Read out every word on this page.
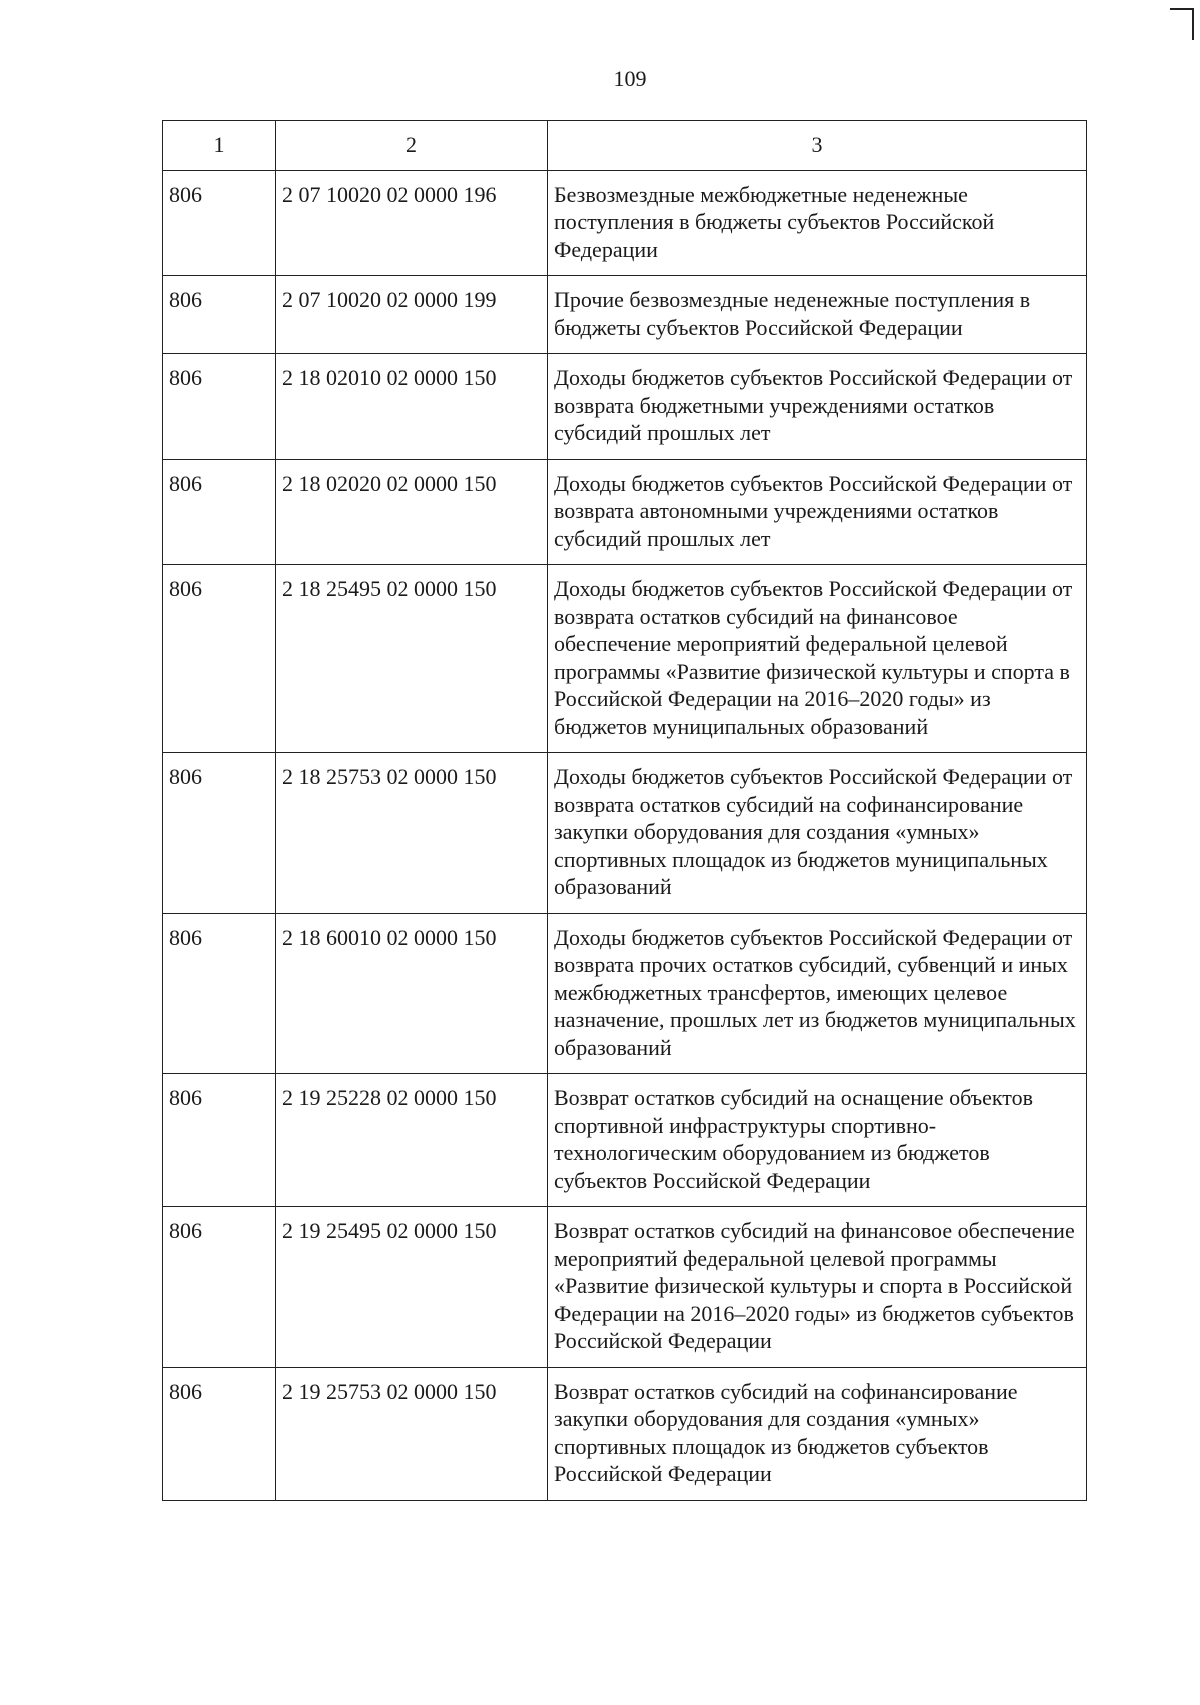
109
1	2	3
806	2 07 10020 02 0000 196	Безвозмездные межбюджетные неденежные поступления в бюджеты субъектов Российской Федерации
806	2 07 10020 02 0000 199	Прочие безвозмездные неденежные поступления в бюджеты субъектов Российской Федерации
806	2 18 02010 02 0000 150	Доходы бюджетов субъектов Российской Федерации от возврата бюджетными учреждениями остатков субсидий прошлых лет
806	2 18 02020 02 0000 150	Доходы бюджетов субъектов Российской Федерации от возврата автономными учреждениями остатков субсидий прошлых лет
806	2 18 25495 02 0000 150	Доходы бюджетов субъектов Российской Федерации от возврата остатков субсидий на финансовое обеспечение мероприятий федеральной целевой программы «Развитие физической культуры и спорта в Российской Федерации на 2016–2020 годы» из бюджетов муниципальных образований
806	2 18 25753 02 0000 150	Доходы бюджетов субъектов Российской Федерации от возврата остатков субсидий на софинансирование закупки оборудования для создания «умных» спортивных площадок из бюджетов муниципальных образований
806	2 18 60010 02 0000 150	Доходы бюджетов субъектов Российской Федерации от возврата прочих остатков субсидий, субвенций и иных межбюджетных трансфертов, имеющих целевое назначение, прошлых лет из бюджетов муниципальных образований
806	2 19 25228 02 0000 150	Возврат остатков субсидий на оснащение объектов спортивной инфраструктуры спортивно-технологическим оборудованием из бюджетов субъектов Российской Федерации
806	2 19 25495 02 0000 150	Возврат остатков субсидий на финансовое обеспечение мероприятий федеральной целевой программы «Развитие физической культуры и спорта в Российской Федерации на 2016–2020 годы» из бюджетов субъектов Российской Федерации
806	2 19 25753 02 0000 150	Возврат остатков субсидий на софинансирование закупки оборудования для создания «умных» спортивных площадок из бюджетов субъектов Российской Федерации
